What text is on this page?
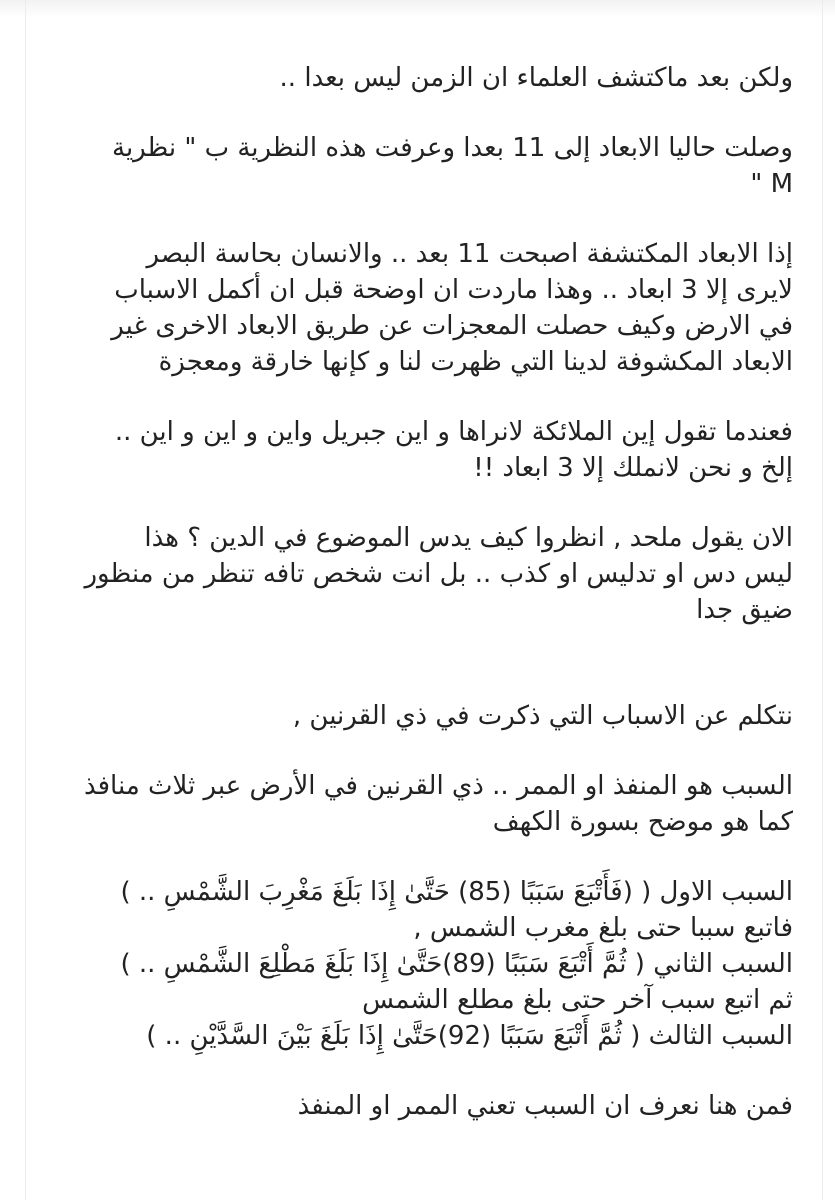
ولكن بعد ماكتشف العلماء ان الزمن ليس بعدا ..

وصلت حاليا الابعاد إلى 11 بعدا وعرفت هذه النظرية ب " نظرية
M "

إذا الابعاد المكتشفة اصبحت 11 بعد .. والانسان بحاسة البصر
لايرى إلا 3 ابعاد .. وهذا ماردت ان اوضحة قبل ان أكمل الاسباب
في الارض وكيف حصلت المعجزات عن طريق الابعاد الاخرى غير
الابعاد المكشوفة لدينا التي ظهرت لنا و كإنها خارقة ومعجزة

فعندما تقول إين الملائكة لانراها و اين جبريل واين و اين و اين ..
إلخ و نحن لانملك إلا 3 ابعاد !!

الان يقول ملحد , انظروا كيف يدس الموضوع في الدين ؟ هذا
ليس دس او تدليس او كذب .. بل انت شخص تافه تنظر من منظور
ضيق جدا

نتكلم عن الاسباب التي ذكرت في ذي القرنين ,

السبب هو المنفذ او الممر .. ذي القرنين في الأرض عبر ثلاث منافذ
كما هو موضح بسورة الكهف

السبب الاول ( (فَأَتْبَعَ سَبَبًا (85) حَتَّىٰ إِذَا بَلَغَ مَغْرِبَ الشَّمْسِ .. )
فاتبع سببا حتى بلغ مغرب الشمس ,
السبب الثاني ( ثُمَّ أَتْبَعَ سَبَبًا (89)حَتَّىٰ إِذَا بَلَغَ مَطْلِعَ الشَّمْسِ .. )
ثم اتبع سبب آخر حتى بلغ مطلع الشمس
السبب الثالث ( ثُمَّ أَتْبَعَ سَبَبًا (92)حَتَّىٰ إِذَا بَلَغَ بَيْنَ السَّدَّيْنِ .. )

فمن هنا نعرف ان السبب تعني الممر او المنفذ
